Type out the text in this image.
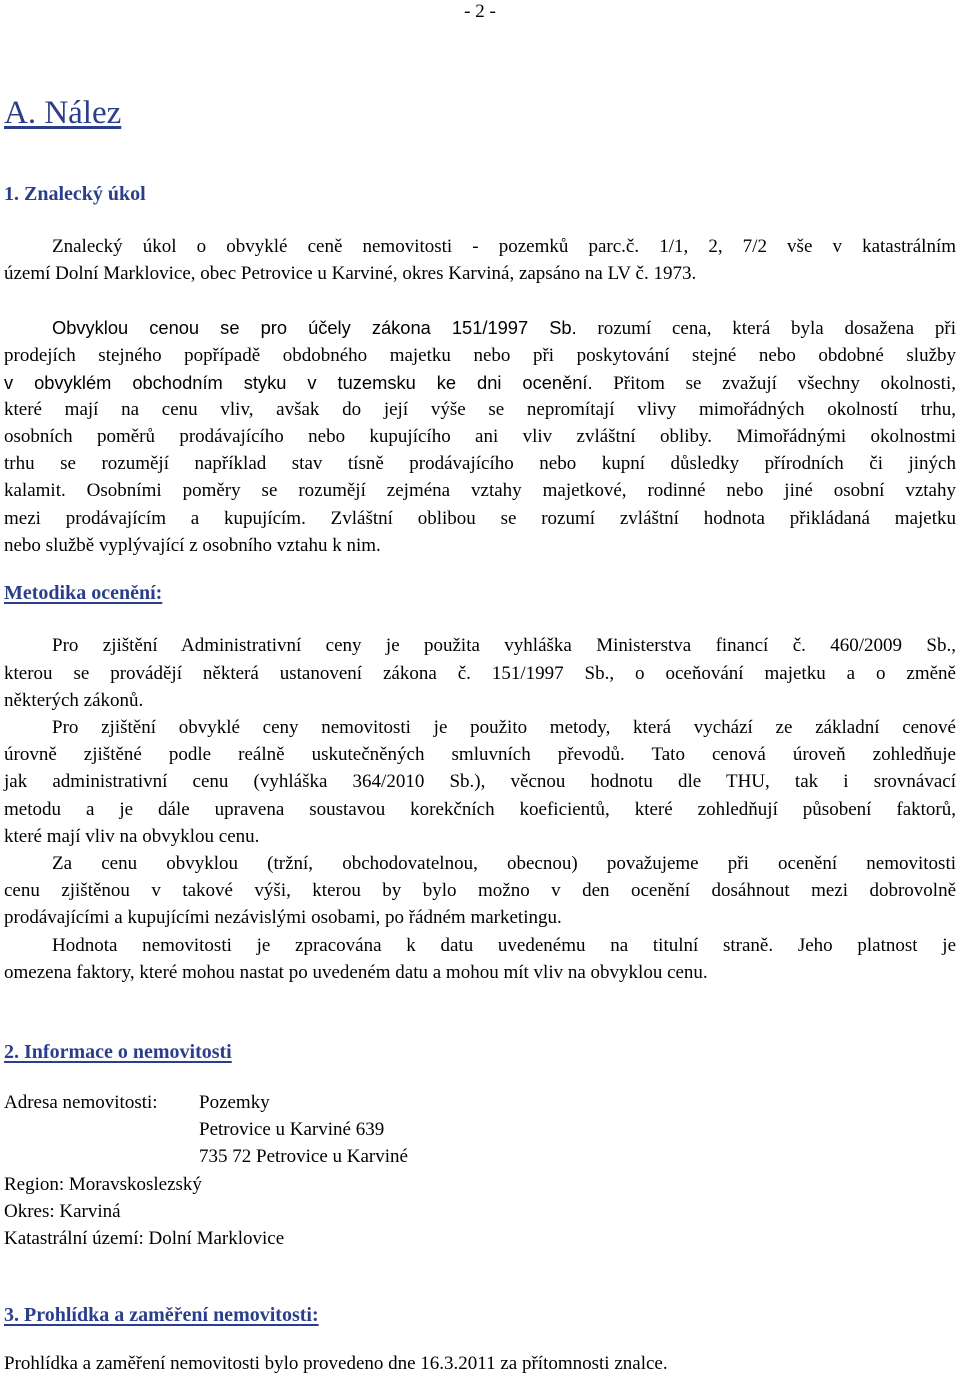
- 2 -
A. Nález
1. Znalecký úkol
Znalecký úkol o obvyklé ceně nemovitosti - pozemků parc.č. 1/1, 2, 7/2 vše v katastrálním
území Dolní Marklovice, obec Petrovice u Karviné, okres Karviná, zapsáno na LV č. 1973.
Obvyklou cenou se pro účely zákona 151/1997 Sb. rozumí cena, která byla dosažena při
prodejích stejného popřípadě obdobného majetku nebo při poskytování stejné nebo obdobné služby
v obvyklém obchodním styku v tuzemsku ke dni ocenění. Přitom se zvažují všechny okolnosti,
které mají na cenu vliv, avšak do její výše se nepromítají vlivy mimořádných okolností trhu,
osobních poměrů prodávajícího nebo kupujícího ani vliv zvláštní obliby. Mimořádnými okolnostmi
trhu se rozumějí například stav tísně prodávajícího nebo kupní důsledky přírodních či jiných
kalamit. Osobními poměry se rozumějí zejména vztahy majetkové, rodinné nebo jiné osobní vztahy
mezi prodávajícím a kupujícím. Zvláštní oblibou se rozumí zvláštní hodnota přikládaná majetku
nebo službě vyplývající z osobního vztahu k nim.
Metodika ocenění:
Pro zjištění Administrativní ceny je použita vyhláška Ministerstva financí č. 460/2009 Sb.,
kterou se provádějí některá ustanovení zákona č. 151/1997 Sb., o oceňování majetku a o změně
některých zákonů.
Pro zjištění obvyklé ceny nemovitosti je použito metody, která vychází ze základní cenové
úrovně zjištěné podle reálně uskutečněných smluvních převodů. Tato cenová úroveň zohledňuje
jak administrativní cenu (vyhláška 364/2010 Sb.), věcnou hodnotu dle THU, tak i srovnávací
metodu a je dále upravena soustavou korekčních koeficientů, které zohledňují působení faktorů,
které mají vliv na obvyklou cenu.
Za cenu obvyklou (tržní, obchodovatelnou, obecnou) považujeme při ocenění nemovitosti
cenu zjištěnou v takové výši, kterou by bylo možno v den ocenění dosáhnout mezi dobrovolně
prodávajícími a kupujícími nezávislými osobami, po řádném marketingu.
Hodnota nemovitosti je zpracována k datu uvedenému na titulní straně. Jeho platnost je
omezena faktory, které mohou nastat po uvedeném datu a mohou mít vliv na obvyklou cenu.
2. Informace o nemovitosti
Adresa nemovitosti: Pozemky
Petrovice u Karviné 639
735 72 Petrovice u Karviné
Region: Moravskoslezský
Okres: Karviná
Katastrální území: Dolní Marklovice
3. Prohlídka a zaměření nemovitosti:
Prohlídka a zaměření nemovitosti bylo provedeno dne 16.3.2011 za přítomnosti znalce.
